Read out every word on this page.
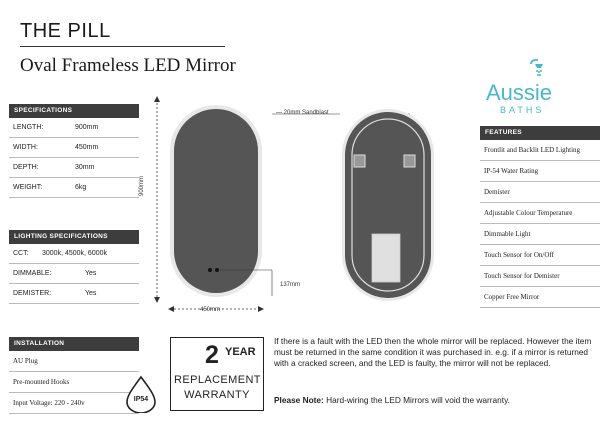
THE PILL
Oval Frameless LED Mirror
Aussie
BATHS
SPECIFICATIONS
LENGTH:	900mm
WIDTH:	450mm
DEPTH:	30mm
WEIGHT:	6kg
LIGHTING SPECIFICATIONS
CCT:	3000k, 4500k, 6000k
DIMMABLE:	Yes
DEMISTER:	Yes
INSTALLATION
AU Plug
Pre-mounted Hooks
Input Voltage: 220 - 240v
FEATURES
Frontlit and Backlit LED Lighting
IP-54 Water Rating
Demister
Adjustable Colour Temperature
Dimmable Light
Touch Sensor for On/Off
Touch Sensor for Demister
Copper Free Mirror
900mm
450mm
137mm
— 20mm Sandblast
2 YEAR
REPLACEMENT
WARRANTY
IP54
If there is a fault with the LED then the whole mirror will be replaced. However the item must be returned in the same condition it was purchased in. e.g. if a mirror is returned with a cracked screen, and the LED is faulty, the mirror will not be replaced.
Please Note: Hard-wiring the LED Mirrors will void the warranty.
